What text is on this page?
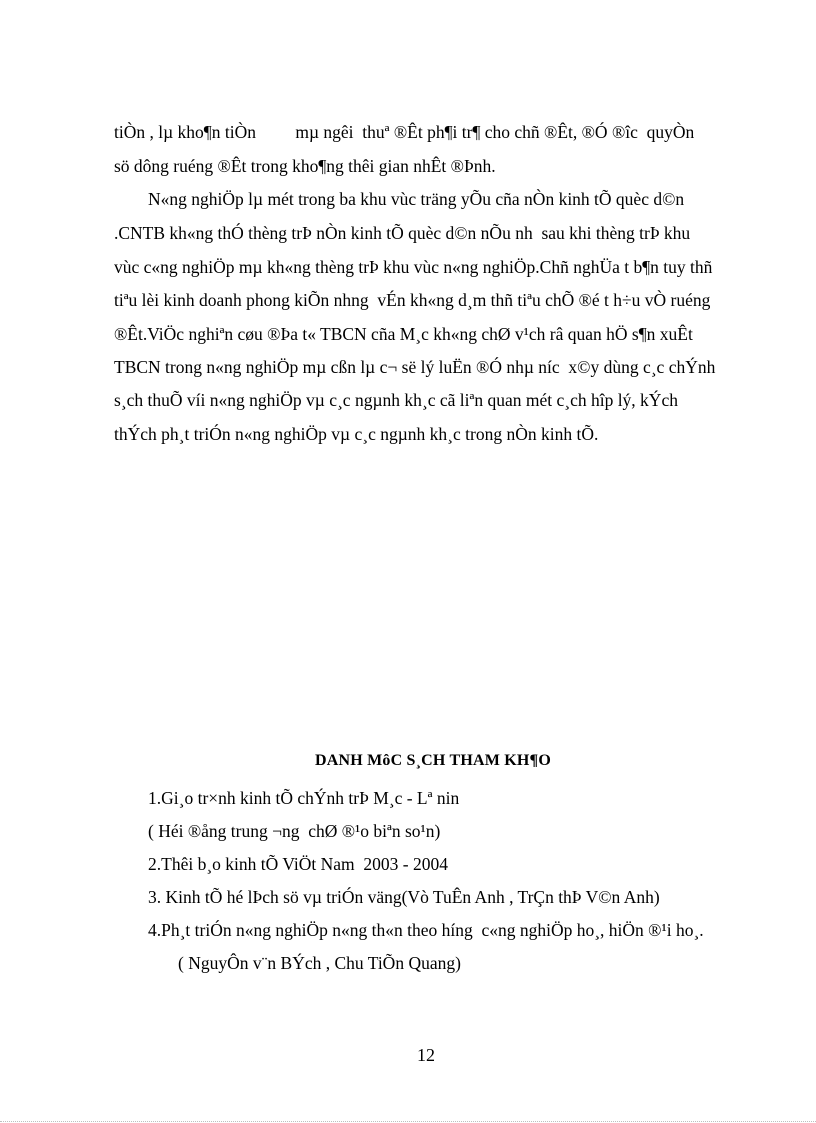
tiÒn , lµ kho¶n tiÒn         mµ ngêi  thuª ®Êt ph¶i tr¶ cho chñ ®Êt, ®Ó ®îc  quyÒn
sö dông ruéng ®Êt trong kho¶ng thêi gian nhÊt ®Þnh.
N«ng nghiÖp lµ mét trong ba khu vùc träng yÕu cña nÒn kinh tÕ quèc d©n
.CNTB kh«ng thÓ thèng trÞ nÒn kinh tÕ quèc d©n nÕu nh  sau khi thèng trÞ khu
vùc c«ng nghiÖp mµ kh«ng thèng trÞ khu vùc n«ng nghiÖp.Chñ nghÜa t b¶n tuy thñ
tiªu lèi kinh doanh phong kiÕn nhng  vÉn kh«ng d¸m thñ tiªu chÕ ®é t h÷u vÒ ruéng
®Êt.ViÖc nghiªn cøu ®Þa t« TBCN cña M¸c kh«ng chØ v¹ch râ quan hÖ s¶n xuÊt
TBCN trong n«ng nghiÖp mµ cßn lµ c¬ së lý luËn ®Ó nhµ níc  x©y dùng c¸c chÝnh
s¸ch thuÕ víi n«ng nghiÖp vµ c¸c ngµnh kh¸c cã liªn quan mét c¸ch hîp lý, kÝch
thÝch ph¸t triÓn n«ng nghiÖp vµ c¸c ngµnh kh¸c trong nÒn kinh tÕ.
DANH MôC S¸CH THAM KH¶O
1.Gi¸o tr×nh kinh tÕ chÝnh trÞ M¸c - Lª nin
( Héi ®ång trung ¬ng  chØ ®¹o biªn so¹n)
2.Thêi b¸o kinh tÕ ViÖt Nam  2003 - 2004
3. Kinh tÕ hé lÞch sö vµ triÓn väng(Vò TuÊn Anh , TrÇn thÞ V©n Anh)
4.Ph¸t triÓn n«ng nghiÖp n«ng th«n theo híng  c«ng nghiÖp ho¸, hiÖn ®¹i ho¸.
( NguyÔn v¨n BÝch , Chu TiÕn Quang)
12
